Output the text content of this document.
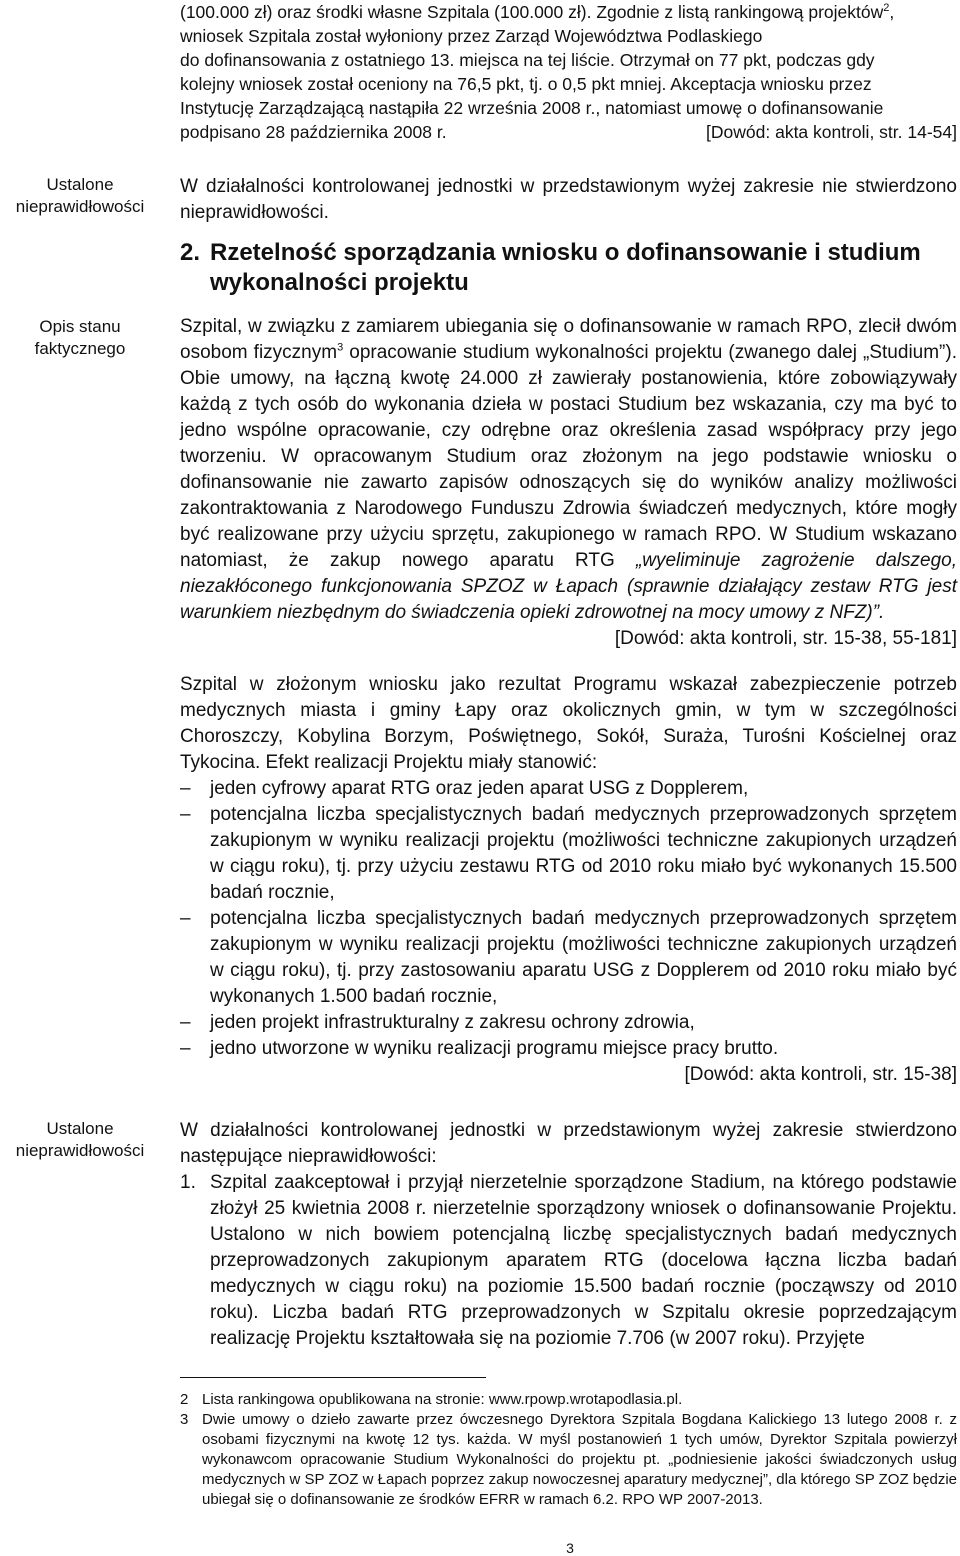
Ustalone
nieprawidłowości
Opis stanu
faktycznego
Ustalone
nieprawidłowości
(100.000 zł) oraz środki własne Szpitala (100.000 zł). Zgodnie z listą rankingową projektów$^2$,
wniosek Szpitala został wyłoniony przez Zarząd Województwa Podlaskiego
do dofinansowania z ostatniego 13. miejsca na tej liście. Otrzymał on 77 pkt, podczas gdy
kolejny wniosek został oceniony na 76,5 pkt, tj. o 0,5 pkt mniej. Akceptacja wniosku przez
Instytucję Zarządzającą nastąpiła 22 września 2008 r., natomiast umowę o dofinansowanie
podpisano 28 października 2008 r.	[Dowód: akta kontroli, str. 14-54]
W działalności kontrolowanej jednostki w przedstawionym wyżej zakresie nie stwierdzono nieprawidłowości.
2. Rzetelność sporządzania wniosku o dofinansowanie i studium
wykonalności projektu
Szpital, w związku z zamiarem ubiegania się o dofinansowanie w ramach RPO, zlecił dwóm osobom fizycznym$^3$ opracowanie studium wykonalności projektu (zwanego dalej „Studium”). Obie umowy, na łączną kwotę 24.000 zł zawierały postanowienia, które zobowiązywały każdą z tych osób do wykonania dzieła w postaci Studium bez wskazania, czy ma być to jedno wspólne opracowanie, czy odrębne oraz określenia zasad współpracy przy jego tworzeniu. W opracowanym Studium oraz złożonym na jego podstawie wniosku o dofinansowanie nie zawarto zapisów odnoszących się do wyników analizy możliwości zakontraktowania z Narodowego Funduszu Zdrowia świadczeń medycznych, które mogły być realizowane przy użyciu sprzętu, zakupionego w ramach RPO. W Studium wskazano natomiast, że zakup nowego aparatu RTG „wyeliminuje zagrożenie dalszego, niezakłóconego funkcjonowania SPZOZ w Łapach (sprawnie działający zestaw RTG jest warunkiem niezbędnym do świadczenia opieki zdrowotnej na mocy umowy z NFZ)”.
[Dowód: akta kontroli, str. 15-38, 55-181]
Szpital w złożonym wniosku jako rezultat Programu wskazał zabezpieczenie potrzeb medycznych miasta i gminy Łapy oraz okolicznych gmin, w tym w szczególności Choroszczy, Kobylina Borzym, Poświętnego, Sokół, Suraża, Turośni Kościelnej oraz Tykocina. Efekt realizacji Projektu miały stanowić:
–	jeden cyfrowy aparat RTG oraz jeden aparat USG z Dopplerem,
–	potencjalna liczba specjalistycznych badań medycznych przeprowadzonych sprzętem zakupionym w wyniku realizacji projektu (możliwości techniczne zakupionych urządzeń w ciągu roku), tj. przy użyciu zestawu RTG od 2010 roku miało być wykonanych 15.500 badań rocznie,
–	potencjalna liczba specjalistycznych badań medycznych przeprowadzonych sprzętem zakupionym w wyniku realizacji projektu (możliwości techniczne zakupionych urządzeń w ciągu roku), tj. przy zastosowaniu aparatu USG z Dopplerem od 2010 roku miało być wykonanych 1.500 badań rocznie,
–	jeden projekt infrastrukturalny z zakresu ochrony zdrowia,
–	jedno utworzone w wyniku realizacji programu miejsce pracy brutto.
[Dowód: akta kontroli, str. 15-38]
W działalności kontrolowanej jednostki w przedstawionym wyżej zakresie stwierdzono następujące nieprawidłowości:
1. Szpital zaakceptował i przyjął nierzetelnie sporządzone Stadium, na którego podstawie złożył 25 kwietnia 2008 r. nierzetelnie sporządzony wniosek o dofinansowanie Projektu. Ustalono w nich bowiem potencjalną liczbę specjalistycznych badań medycznych przeprowadzonych zakupionym aparatem RTG (docelowa łączna liczba badań medycznych w ciągu roku) na poziomie 15.500 badań rocznie (począwszy od 2010 roku). Liczba badań RTG przeprowadzonych w Szpitalu okresie poprzedzającym realizację Projektu kształtowała się na poziomie 7.706 (w 2007 roku). Przyjęte
2 Lista rankingowa opublikowana na stronie: www.rpowp.wrotapodlasia.pl.
3 Dwie umowy o dzieło zawarte przez ówczesnego Dyrektora Szpitala Bogdana Kalickiego 13 lutego 2008 r. z osobami fizycznymi na kwotę 12 tys. każda. W myśl postanowień 1 tych umów, Dyrektor Szpitala powierzył wykonawcom opracowanie Studium Wykonalności do projektu pt. „podniesienie jakości świadczonych usług medycznych w SP ZOZ w Łapach poprzez zakup nowoczesnej aparatury medycznej”, dla którego SP ZOZ będzie ubiegał się o dofinansowanie ze środków EFRR w ramach 6.2. RPO WP 2007-2013.
3
